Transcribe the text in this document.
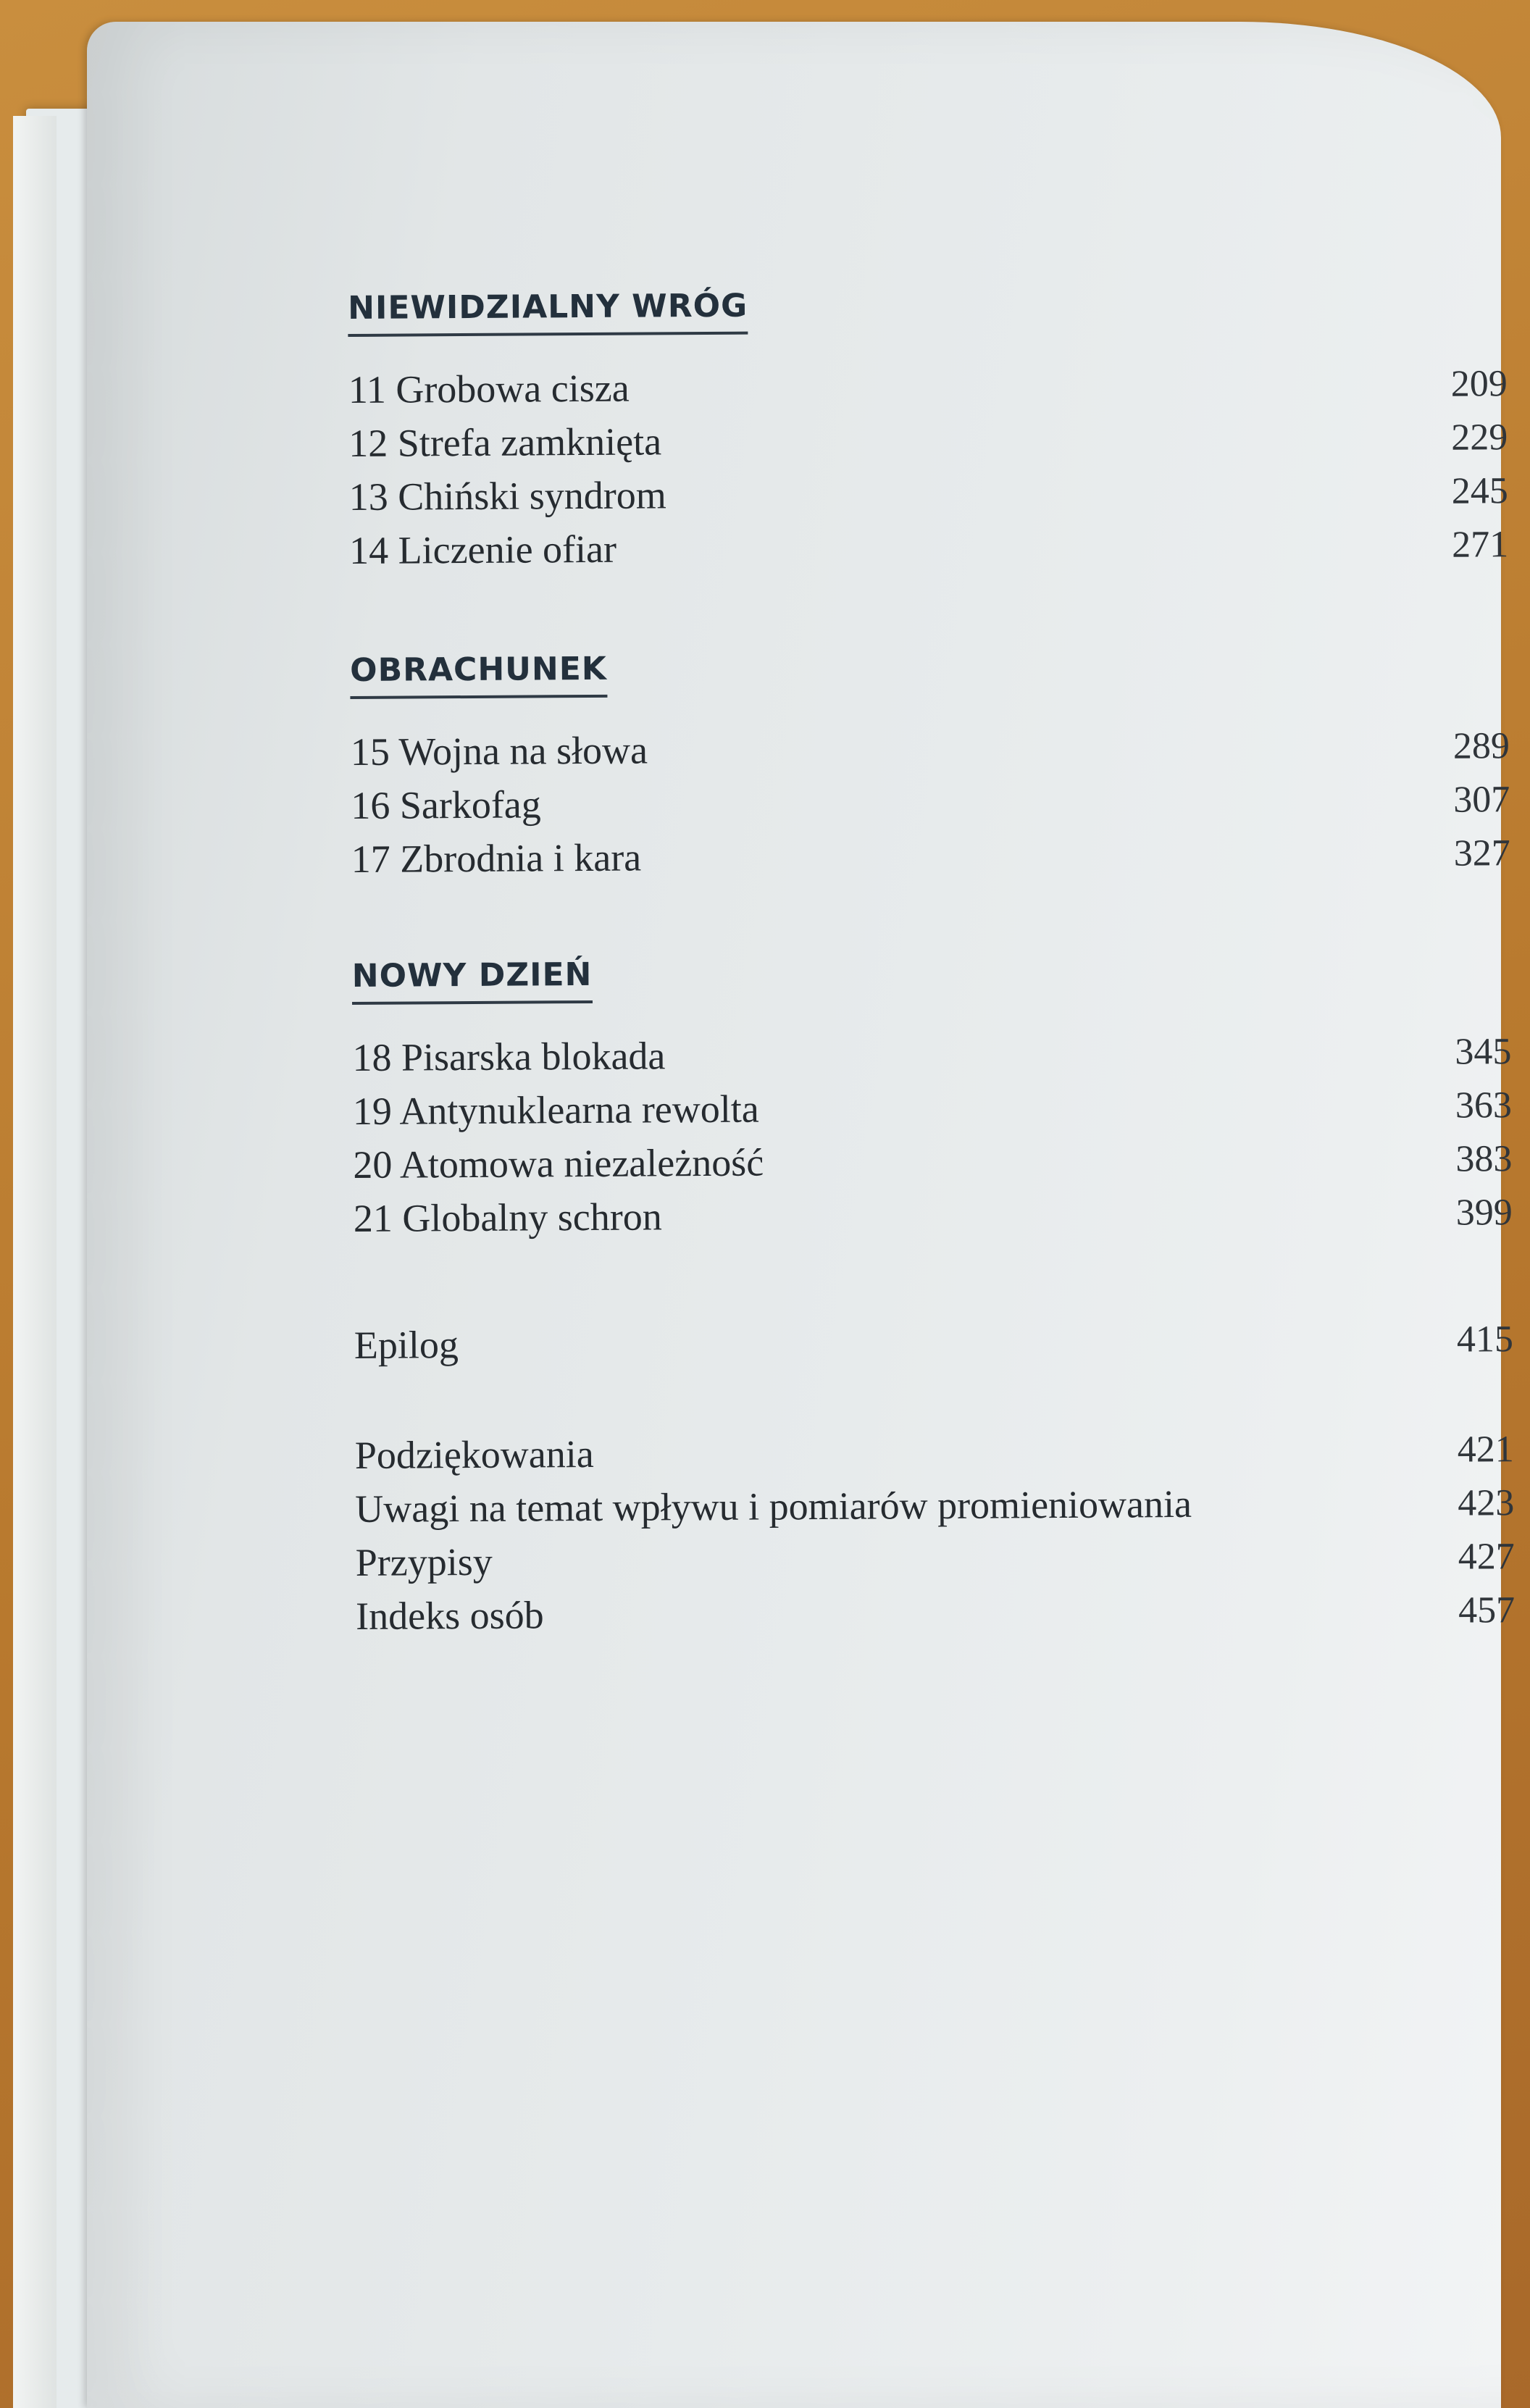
NIEWIDZIALNY WRÓG
11 Grobowa cisza	209
12 Strefa zamknięta	229
13 Chiński syndrom	245
14 Liczenie ofiar	271
OBRACHUNEK
15 Wojna na słowa	289
16 Sarkofag	307
17 Zbrodnia i kara	327
NOWY DZIEŃ
18 Pisarska blokada	345
19 Antynuklearna rewolta	363
20 Atomowa niezależność	383
21 Globalny schron	399
Epilog	415
Podziękowania	421
Uwagi na temat wpływu i pomiarów promieniowania	423
Przypisy	427
Indeks osób	457
